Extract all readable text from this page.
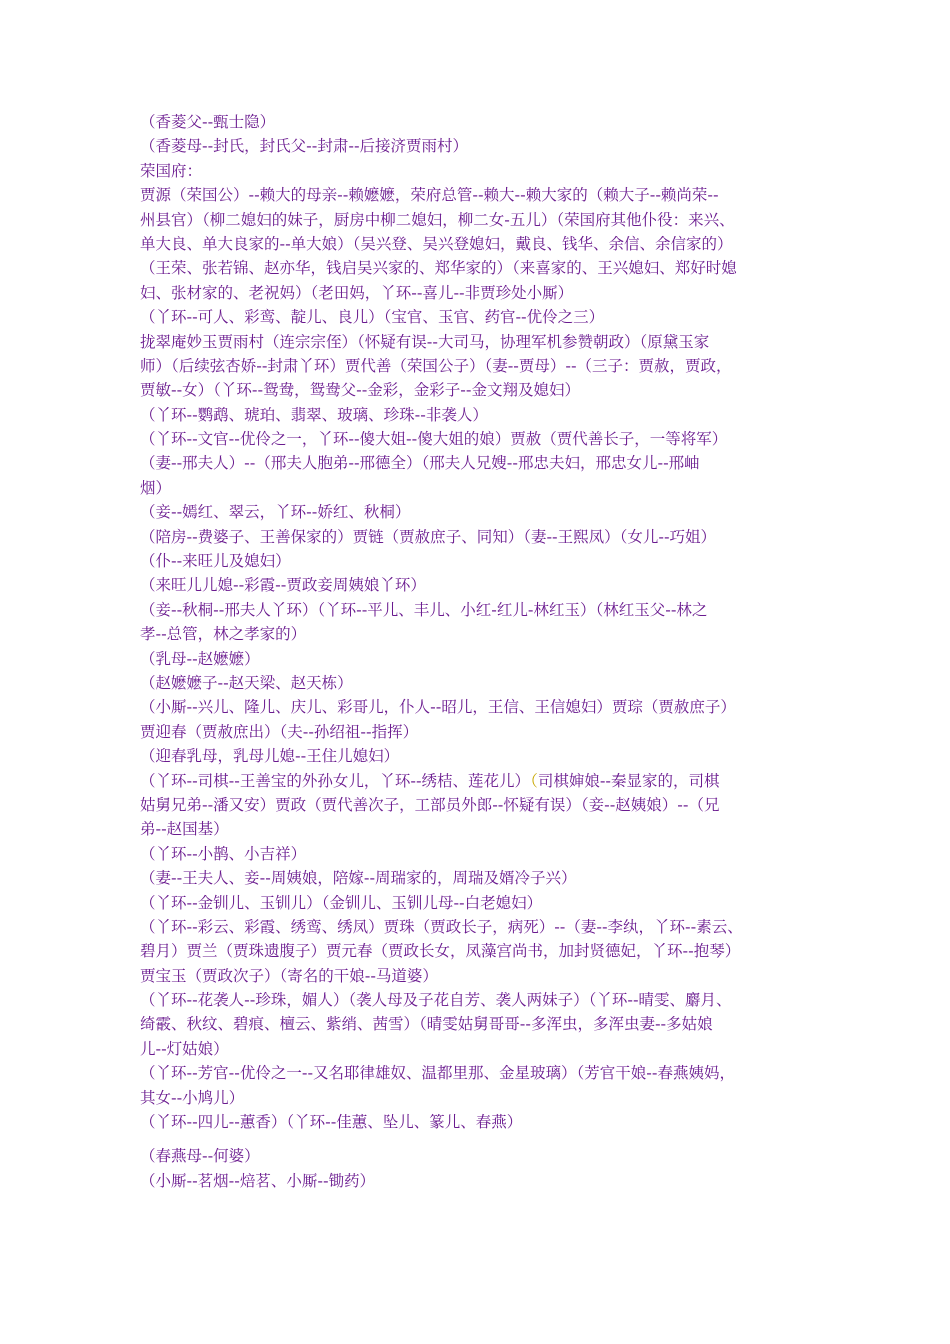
（香菱父--甄士隐）
（香菱母--封氏，封氏父--封肃--后接济贾雨村）
荣国府：
贾源（荣国公）--赖大的母亲--赖嬷嬷，荣府总管--赖大--赖大家的（赖大子--赖尚荣--
州县官）（柳二媳妇的妹子，厨房中柳二媳妇，柳二女-五儿）（荣国府其他仆役：来兴、
单大良、单大良家的--单大娘）（吴兴登、吴兴登媳妇，戴良、钱华、余信、余信家的）
（王荣、张若锦、赵亦华，钱启吴兴家的、郑华家的）（来喜家的、王兴媳妇、郑好时媳
妇、张材家的、老祝妈）（老田妈，丫环--喜儿--非贾珍处小厮）
（丫环--可人、彩鸾、靛儿、良儿）（宝官、玉官、药官--优伶之三）
拢翠庵妙玉贾雨村（连宗宗侄）（怀疑有误--大司马，协理军机参赞朝政）（原黛玉家
师）（后续弦杏娇--封肃丫环）贾代善（荣国公子）（妻--贾母）--（三子：贾赦，贾政，
贾敏--女）（丫环--鸳鸯，鸳鸯父--金彩，金彩子--金文翔及媳妇）
（丫环--鹦鹉、琥珀、翡翠、玻璃、珍珠--非袭人）
（丫环--文官--优伶之一，丫环--傻大姐--傻大姐的娘）贾赦（贾代善长子，一等将军）
（妻--邢夫人）--（邢夫人胞弟--邢德全）（邢夫人兄嫂--邢忠夫妇，邢忠女儿--邢岫
烟）
（妾--嫣红、翠云，丫环--娇红、秋桐）
（陪房--费婆子、王善保家的）贾链（贾赦庶子、同知）（妻--王熙凤）（女儿--巧姐）
（仆--来旺儿及媳妇）
（来旺儿儿媳--彩霞--贾政妾周姨娘丫环）
（妾--秋桐--邢夫人丫环）（丫环--平儿、丰儿、小红-红儿-林红玉）（林红玉父--林之
孝--总管，林之孝家的）
（乳母--赵嬷嬷）
（赵嬷嬷子--赵天梁、赵天栋）
（小厮--兴儿、隆儿、庆儿、彩哥儿，仆人--昭儿，王信、王信媳妇）贾琮（贾赦庶子）
贾迎春（贾赦庶出）（夫--孙绍祖--指挥）
（迎春乳母，乳母儿媳--王住儿媳妇）
（丫环--司棋--王善宝的外孙女儿，丫环--绣桔、莲花儿）（司棋婶娘--秦显家的，司棋
姑舅兄弟--潘又安）贾政（贾代善次子，工部员外郎--怀疑有误）（妾--赵姨娘）--（兄
弟--赵国基）
（丫环--小鹊、小吉祥）
（妻--王夫人、妾--周姨娘，陪嫁--周瑞家的，周瑞及婿冷子兴）
（丫环--金钏儿、玉钏儿）（金钏儿、玉钏儿母--白老媳妇）
（丫环--彩云、彩霞、绣鸾、绣凤）贾珠（贾政长子，病死）--（妻--李纨，丫环--素云、
碧月）贾兰（贾珠遗腹子）贾元春（贾政长女，凤藻宫尚书，加封贤德妃，丫环--抱琴）
贾宝玉（贾政次子）（寄名的干娘--马道婆）
（丫环--花袭人--珍珠，媚人）（袭人母及子花自芳、袭人两妹子）（丫环--晴雯、麝月、
绮霰、秋纹、碧痕、檀云、紫绡、茜雪）（晴雯姑舅哥哥--多浑虫，多浑虫妻--多姑娘
儿--灯姑娘）
（丫环--芳官--优伶之一--又名耶律雄奴、温都里那、金星玻璃）（芳官干娘--春燕姨妈，
其女--小鸠儿）
（丫环--四儿--蕙香）（丫环--佳蕙、坠儿、篆儿、春燕）
（春燕母--何婆）
（小厮--茗烟--焙茗、小厮--锄药）
